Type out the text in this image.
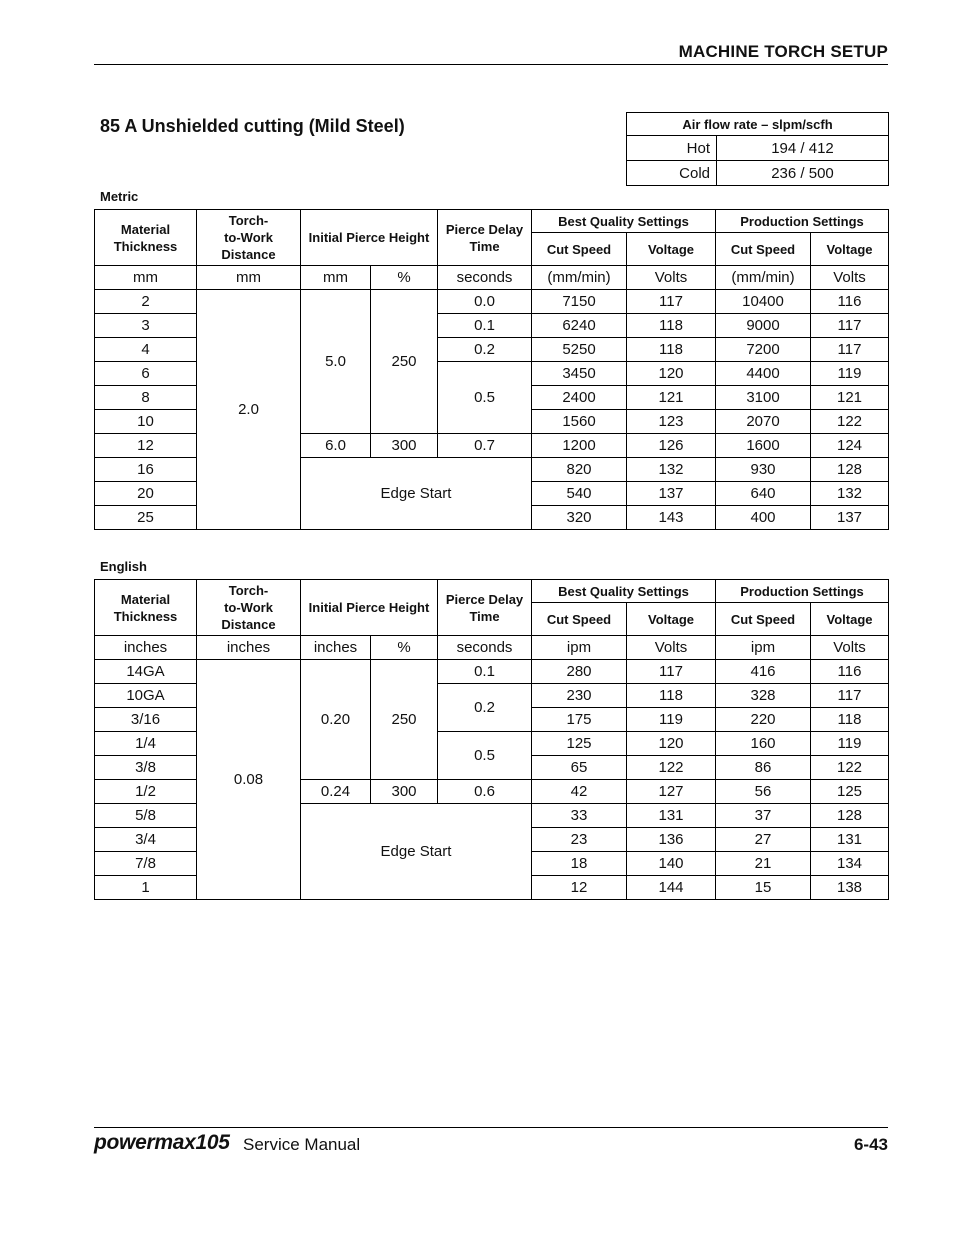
MACHINE TORCH SETUP
85 A Unshielded cutting (Mild Steel)	Air flow rate – slpm/scfh	
Hot	194 / 412
Cold	236 / 500
Metric
Material Thickness	Torch-
to-Work
Distance	Initial Pierce Height		Pierce Delay Time	Best Quality Settings		Production Settings	
					Cut Speed	Voltage	Cut Speed	Voltage
mm	mm	mm	%	seconds	(mm/min)	Volts	(mm/min)	Volts
2	2.0	5.0	250	0.0	7150	117	10400	116
3				0.1	6240	118	9000	117
4				0.2	5250	118	7200	117
6				0.5	3450	120	4400	119
8					2400	121	3100	121
10					1560	123	2070	122
12		6.0	300	0.7	1200	126	1600	124
16		Edge Start			820	132	930	128
20					540	137	640	132
25					320	143	400	137
English
Material Thickness	Torch-
to-Work
Distance	Initial Pierce Height		Pierce Delay Time	Best Quality Settings		Production Settings	
					Cut Speed	Voltage	Cut Speed	Voltage
inches	inches	inches	%	seconds	ipm	Volts	ipm	Volts
14GA	0.08	0.20	250	0.1	280	117	416	116
10GA				0.2	230	118	328	117
3/16					175	119	220	118
1/4				0.5	125	120	160	119
3/8					65	122	86	122
1/2		0.24	300	0.6	42	127	56	125
5/8		Edge Start			33	131	37	128
3/4					23	136	27	131
7/8					18	140	21	134
1					12	144	15	138
powermax105 Service Manual	6-43
